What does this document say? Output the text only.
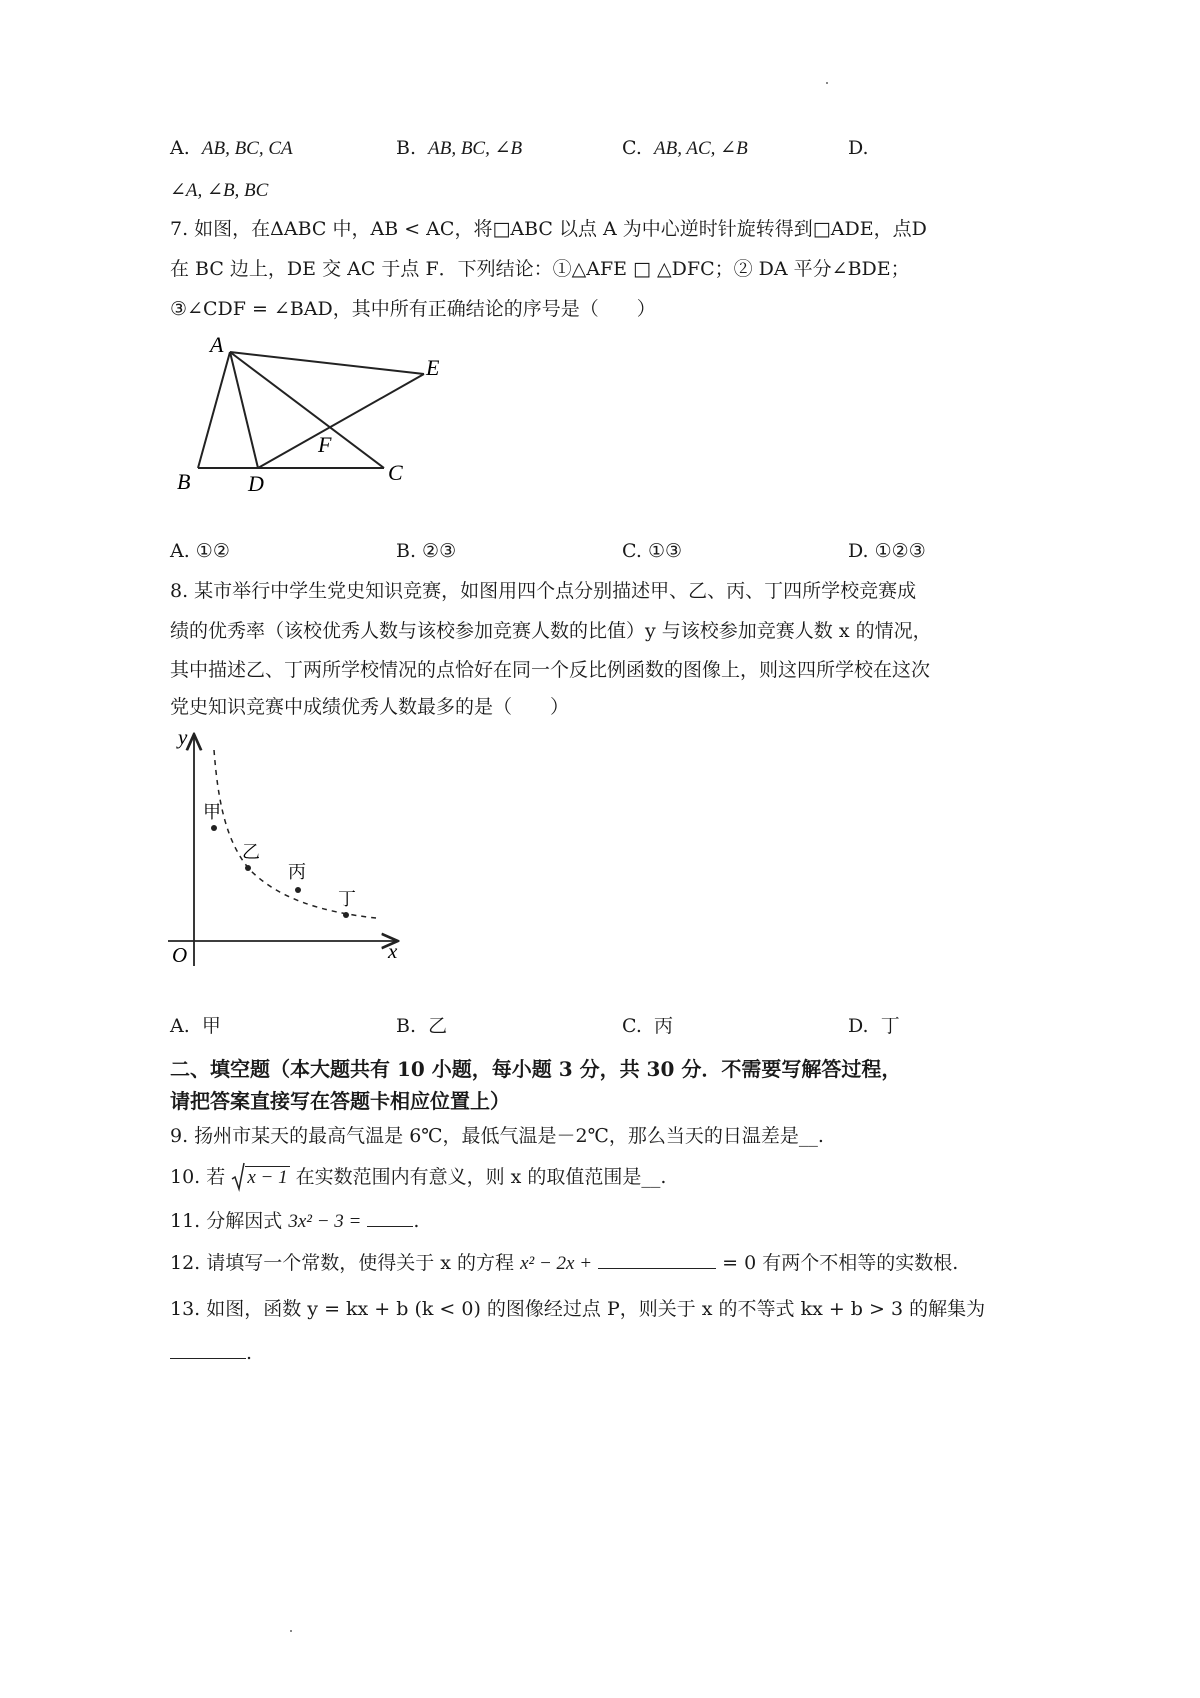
A. AB, BC, CA	B. AB, BC, ∠B	C. AB, AC, ∠B	D.
∠A, ∠B, BC
7. 如图，在ΔABC 中，AB < AC，将□ABC 以点 A 为中心逆时针旋转得到□ADE，点D
在 BC 边上，DE 交 AC 于点 F．下列结论：①△AFE □ △DFC；② DA 平分∠BDE；
③∠CDF = ∠BAD，其中所有正确结论的序号是（　　）
A
B	D	C
E
F
A. ①②	B. ②③	C. ①③	D. ①②③
8. 某市举行中学生党史知识竞赛，如图用四个点分别描述甲、乙、丙、丁四所学校竞赛成
绩的优秀率（该校优秀人数与该校参加竞赛人数的比值）y 与该校参加竞赛人数 x 的情况，
其中描述乙、丁两所学校情况的点恰好在同一个反比例函数的图像上，则这四所学校在这次
党史知识竞赛中成绩优秀人数最多的是（　　）
y
x
O
甲
乙
丙
丁
A. 甲	B. 乙	C. 丙	D. 丁
二、填空题（本大题共有 10 小题，每小题 3 分，共 30 分．不需要写解答过程，
请把答案直接写在答题卡相应位置上）
9. 扬州市某天的最高气温是 6℃，最低气温是－2℃，那么当天的日温差是__.
10. 若 x − 1 在实数范围内有意义，则 x 的取值范围是__.
11. 分解因式 3x² − 3 =	.
12. 请填写一个常数，使得关于 x 的方程 x² − 2x +	= 0 有两个不相等的实数根.
13. 如图，函数 y = kx + b (k < 0) 的图像经过点 P，则关于 x 的不等式 kx + b > 3 的解集为
.
